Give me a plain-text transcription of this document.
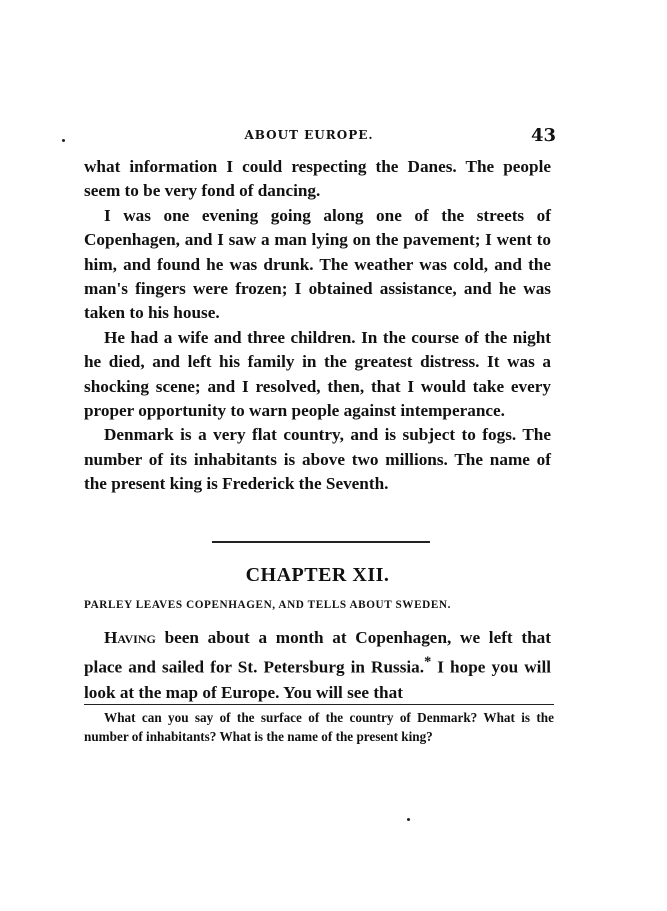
ABOUT EUROPE.	43

what information I could respecting the Danes. The people seem to be very fond of dancing.

I was one evening going along one of the streets of Copenhagen, and I saw a man lying on the pavement; I went to him, and found he was drunk. The weather was cold, and the man's fingers were frozen; I obtained assistance, and he was taken to his house.

He had a wife and three children. In the course of the night he died, and left his family in the greatest distress. It was a shocking scene; and I resolved, then, that I would take every proper opportunity to warn people against intemperance.

Denmark is a very flat country, and is subject to fogs. The number of its inhabitants is above two millions. The name of the present king is Frederick the Seventh.

CHAPTER XII.
PARLEY LEAVES COPENHAGEN, AND TELLS ABOUT SWEDEN.

Having been about a month at Copenhagen, we left that place and sailed for St. Petersburg in Russia.* I hope you will look at the map of Europe. You will see that

What can you say of the surface of the country of Denmark? What is the number of inhabitants? What is the name of the present king?
